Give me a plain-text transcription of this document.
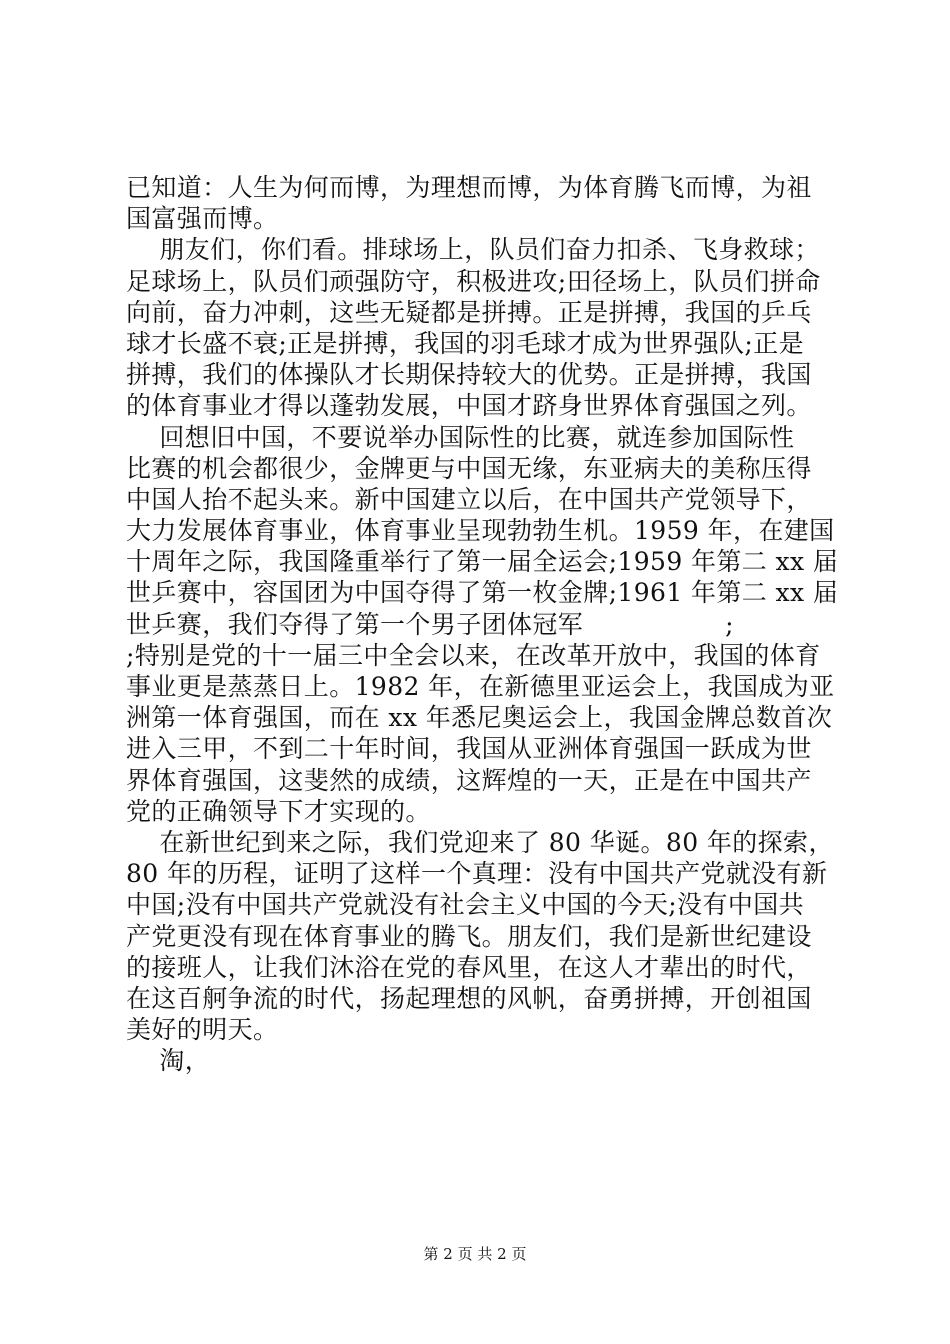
已知道：人生为何而博，为理想而博，为体育腾飞而博，为祖
国富强而博。
朋友们，你们看。排球场上，队员们奋力扣杀、飞身救球；
足球场上，队员们顽强防守，积极进攻;田径场上，队员们拼命
向前，奋力冲刺，这些无疑都是拼搏。正是拼搏，我国的乒乓
球才长盛不衰;正是拼搏，我国的羽毛球才成为世界强队;正是
拼搏，我们的体操队才长期保持较大的优势。正是拼搏，我国
的体育事业才得以蓬勃发展，中国才跻身世界体育强国之列。
回想旧中国，不要说举办国际性的比赛，就连参加国际性
比赛的机会都很少，金牌更与中国无缘，东亚病夫的美称压得
中国人抬不起头来。新中国建立以后，在中国共产党领导下，
大力发展体育事业，体育事业呈现勃勃生机。1959 年，在建国
十周年之际，我国隆重举行了第一届全运会;1959 年第二 xx 届
世乒赛中，容国团为中国夺得了第一枚金牌;1961 年第二 xx 届
世乒赛，我们夺得了第一个男子团体冠军                 ;
;特别是党的十一届三中全会以来，在改革开放中，我国的体育
事业更是蒸蒸日上。1982 年，在新德里亚运会上，我国成为亚
洲第一体育强国，而在 xx 年悉尼奥运会上，我国金牌总数首次
进入三甲，不到二十年时间，我国从亚洲体育强国一跃成为世
界体育强国，这斐然的成绩，这辉煌的一天，正是在中国共产
党的正确领导下才实现的。
在新世纪到来之际，我们党迎来了 80 华诞。80 年的探索，
80 年的历程，证明了这样一个真理：没有中国共产党就没有新
中国;没有中国共产党就没有社会主义中国的今天;没有中国共
产党更没有现在体育事业的腾飞。朋友们，我们是新世纪建设
的接班人，让我们沐浴在党的春风里，在这人才辈出的时代，
在这百舸争流的时代，扬起理想的风帆，奋勇拼搏，开创祖国
美好的明天。
淘，
第 2 页 共 2 页
